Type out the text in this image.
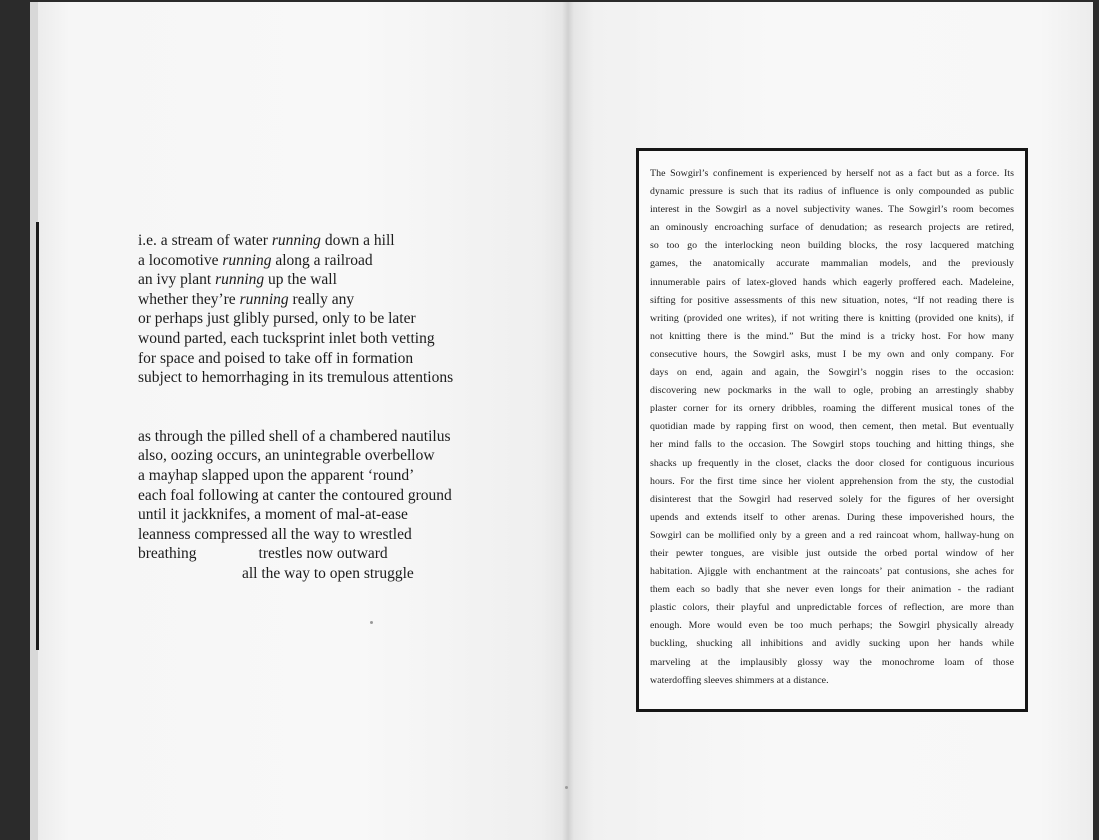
i.e. a stream of water running down a hill
a locomotive running along a railroad
an ivy plant running up the wall
whether they’re running really any
or perhaps just glibly pursed, only to be later
wound parted, each tucksprint inlet both vetting
for space and poised to take off in formation
subject to hemorrhaging in its tremulous attentions
as through the pilled shell of a chambered nautilus
also, oozing occurs, an unintegrable overbellow
a mayhap slapped upon the apparent ‘round’
each foal following at canter the contoured ground
until it jackknifes, a moment of mal-at-ease
leanness compressed all the way to wrestled
breathing	trestles now outward
all the way to open struggle
The Sowgirl’s confinement is experienced by herself not as a fact but as a force. Its
dynamic pressure is such that its radius of influence is only compounded as public
interest in the Sowgirl as a novel subjectivity wanes. The Sowgirl’s room becomes
an ominously encroaching surface of denudation; as research projects are retired,
so too go the interlocking neon building blocks, the rosy lacquered matching
games, the anatomically accurate mammalian models, and the previously
innumerable pairs of latex-gloved hands which eagerly proffered each. Madeleine,
sifting for positive assessments of this new situation, notes, “If not reading there is
writing (provided one writes), if not writing there is knitting (provided one knits), if
not knitting there is the mind.” But the mind is a tricky host. For how many
consecutive hours, the Sowgirl asks, must I be my own and only company. For
days on end, again and again, the Sowgirl’s noggin rises to the occasion:
discovering new pockmarks in the wall to ogle, probing an arrestingly shabby
plaster corner for its ornery dribbles, roaming the different musical tones of the
quotidian made by rapping first on wood, then cement, then metal. But eventually
her mind falls to the occasion. The Sowgirl stops touching and hitting things, she
shacks up frequently in the closet, clacks the door closed for contiguous incurious
hours. For the first time since her violent apprehension from the sty, the custodial
disinterest that the Sowgirl had reserved solely for the figures of her oversight
upends and extends itself to other arenas. During these impoverished hours, the
Sowgirl can be mollified only by a green and a red raincoat whom, hallway-hung on
their pewter tongues, are visible just outside the orbed portal window of her
habitation. Ajiggle with enchantment at the raincoats’ pat contusions, she aches for
them each so badly that she never even longs for their animation - the radiant
plastic colors, their playful and unpredictable forces of reflection, are more than
enough. More would even be too much perhaps; the Sowgirl physically already
buckling, shucking all inhibitions and avidly sucking upon her hands while
marveling at the implausibly glossy way the monochrome loam of those
waterdoffing sleeves shimmers at a distance.
